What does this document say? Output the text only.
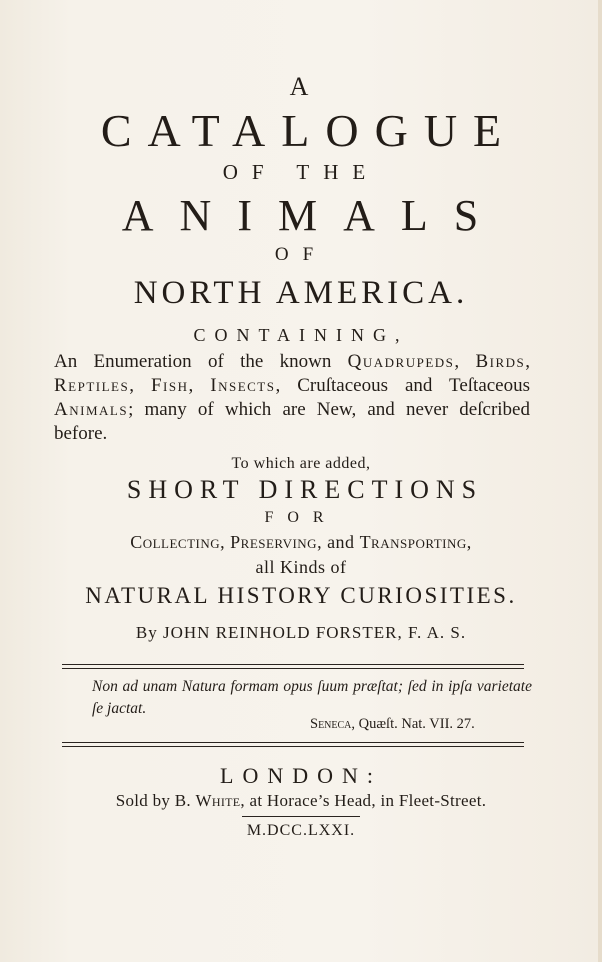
A
CATALOGUE
OF THE
ANIMALS
OF
NORTH AMERICA.
CONTAINING,
An Enumeration of the known Quadrupeds, Birds, Reptiles, Fish, Insects, Cruſtaceous and Teſtaceous Animals; many of which are New, and never deſcribed before.
To which are added,
SHORT DIRECTIONS
FOR
Collecting, Preserving, and Transporting,
all Kinds of
NATURAL HISTORY CURIOSITIES.
By JOHN REINHOLD FORSTER, F. A. S.
Non ad unam Natura formam opus ſuum præſtat; ſed in ipſa varietate ſe jactat.
Seneca, Quæſt. Nat. VII. 27.
LONDON:
Sold by B. White, at Horace’s Head, in Fleet-Street.
M.DCC.LXXI.
